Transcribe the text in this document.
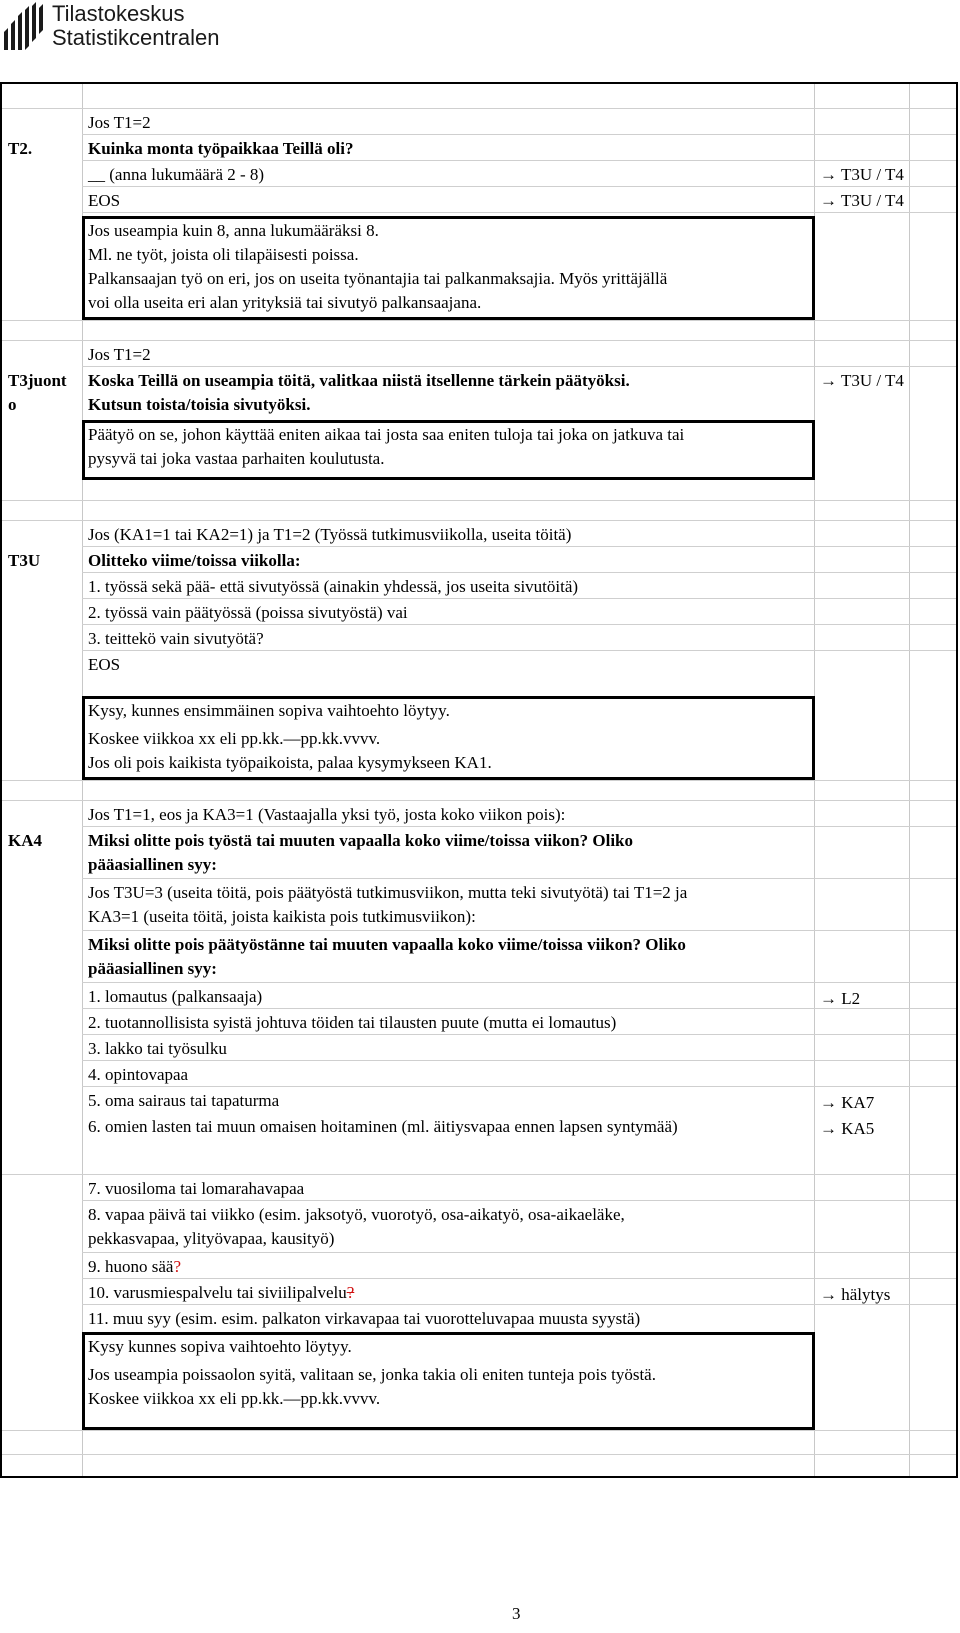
Tilastokeskus
Statistikcentralen
Jos T1=2
T2.	Kuinka monta työpaikkaa Teillä oli?
__ (anna lukumäärä 2 - 8)	→ T3U / T4
EOS	→ T3U / T4
Jos useampia kuin 8, anna lukumääräksi 8.
Ml. ne työt, joista oli tilapäisesti poissa.
Palkansaajan työ on eri, jos on useita työnantajia tai palkanmaksajia. Myös yrittäjällä
voi olla useita eri alan yrityksiä tai sivutyö palkansaajana.
Jos T1=2
T3juont
o
Koska Teillä on useampia töitä, valitkaa niistä itsellenne tärkein päätyöksi.	→ T3U / T4
Kutsun toista/toisia sivutyöksi.
Päätyö on se, johon käyttää eniten aikaa tai josta saa eniten tuloja tai joka on jatkuva tai
pysyvä tai joka vastaa parhaiten koulutusta.
Jos (KA1=1 tai KA2=1) ja T1=2 (Työssä tutkimusviikolla, useita töitä)
T3U	Olitteko viime/toissa viikolla:
1. työssä sekä pää- että sivutyössä (ainakin yhdessä, jos useita sivutöitä)
2. työssä vain päätyössä (poissa sivutyöstä) vai
3. teittekö vain sivutyötä?
EOS
Kysy, kunnes ensimmäinen sopiva vaihtoehto löytyy.
Koskee viikkoa xx eli pp.kk.—pp.kk.vvvv.
Jos oli pois kaikista työpaikoista, palaa kysymykseen KA1.
Jos T1=1, eos ja KA3=1 (Vastaajalla yksi työ, josta koko viikon pois):
KA4	Miksi olitte pois työstä tai muuten vapaalla koko viime/toissa viikon? Oliko
pääasiallinen syy:
Jos T3U=3 (useita töitä, pois päätyöstä tutkimusviikon, mutta teki sivutyötä) tai T1=2 ja
KA3=1 (useita töitä, joista kaikista pois tutkimusviikon):
Miksi olitte pois päätyöstänne tai muuten vapaalla koko viime/toissa viikon? Oliko
pääasiallinen syy:
1. lomautus (palkansaaja)	→ L2
2. tuotannollisista syistä johtuva töiden tai tilausten puute (mutta ei lomautus)
3. lakko tai työsulku
4. opintovapaa
5. oma sairaus tai tapaturma	→ KA7
6. omien lasten tai muun omaisen hoitaminen (ml. äitiysvapaa ennen lapsen syntymää)	→ KA5
7. vuosiloma tai lomarahavapaa
8. vapaa päivä tai viikko (esim. jaksotyö, vuorotyö, osa-aikatyö, osa-aikaeläke,
pekkasvapaa, ylityövapaa, kausityö)
9. huono sää?
10. varusmiespalvelu tai siviilipalvelu?	→ hälytys
11. muu syy (esim. esim. palkaton virkavapaa tai vuorotteluvapaa muusta syystä)
Kysy kunnes sopiva vaihtoehto löytyy.
Jos useampia poissaolon syitä, valitaan se, jonka takia oli eniten tunteja pois työstä.
Koskee viikkoa xx eli pp.kk.—pp.kk.vvvv.
3
